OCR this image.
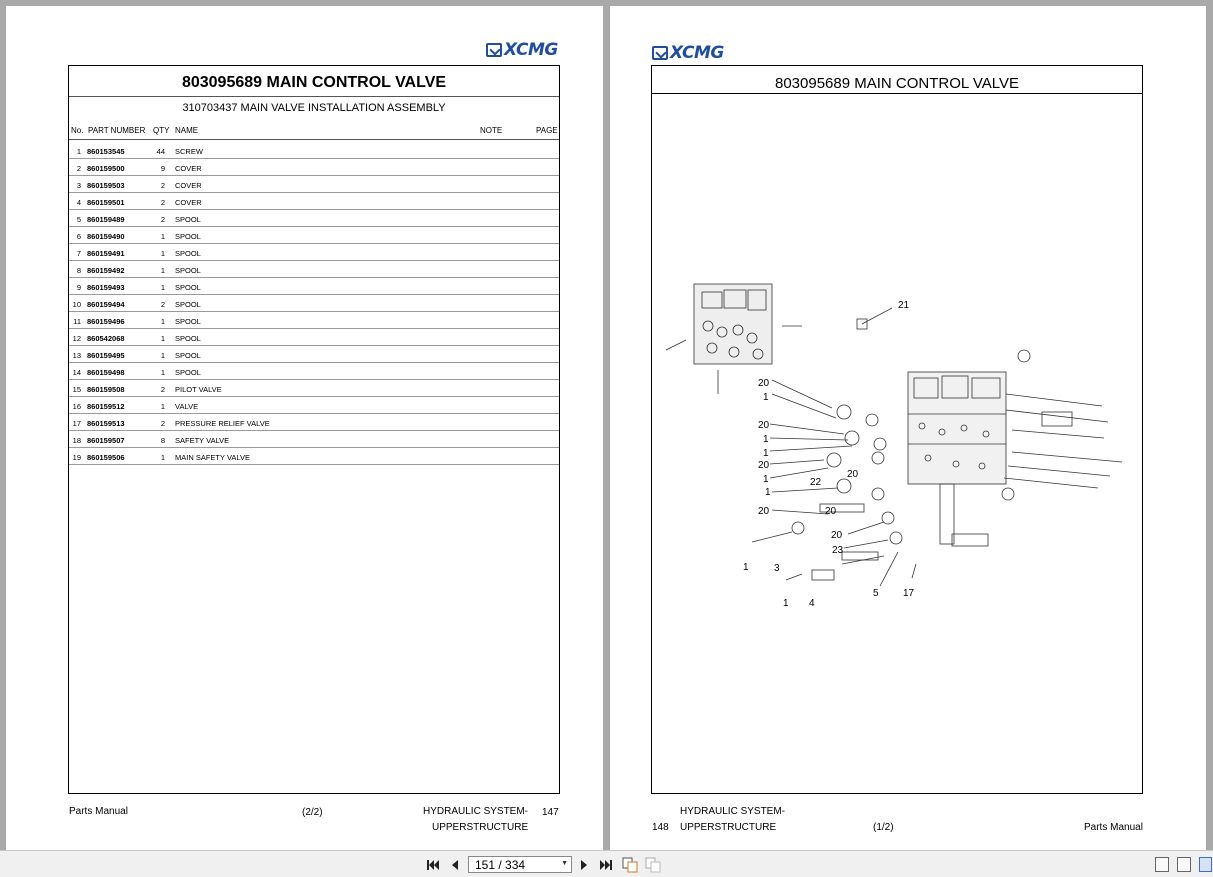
XCMG
803095689 MAIN CONTROL VALVE
310703437 MAIN VALVE INSTALLATION ASSEMBLY
No. PART NUMBER QTY NAME	NOTE	PAGE
1 860153545	44 SCREW
2 860159500	9 COVER
3 860159503	2 COVER
4 860159501	2 COVER
5 860159489	2 SPOOL
6 860159490	1 SPOOL
7 860159491	1 SPOOL
8 860159492	1 SPOOL
9 860159493	1 SPOOL
10 860159494	2 SPOOL
11 860159496	1 SPOOL
12 860542068	1 SPOOL
13 860159495	1 SPOOL
14 860159498	1 SPOOL
15 860159508	2 PILOT VALVE
16 860159512	1 VALVE
17 860159513	2 PRESSURE RELIEF VALVE
18 860159507	8 SAFETY VALVE
19 860159506	1 MAIN SAFETY VALVE
Parts Manual	(2/2)	HYDRAULIC SYSTEM-
UPPERSTRUCTURE
147
XCMG
803095689 MAIN CONTROL VALVE
21
20
1
20
1
1
20
1	22
20
1
20	20
20
23
1	3
1 4
5 17
HYDRAULIC SYSTEM-
148 UPPERSTRUCTURE	(1/2)	Parts Manual
151 / 334	▼
